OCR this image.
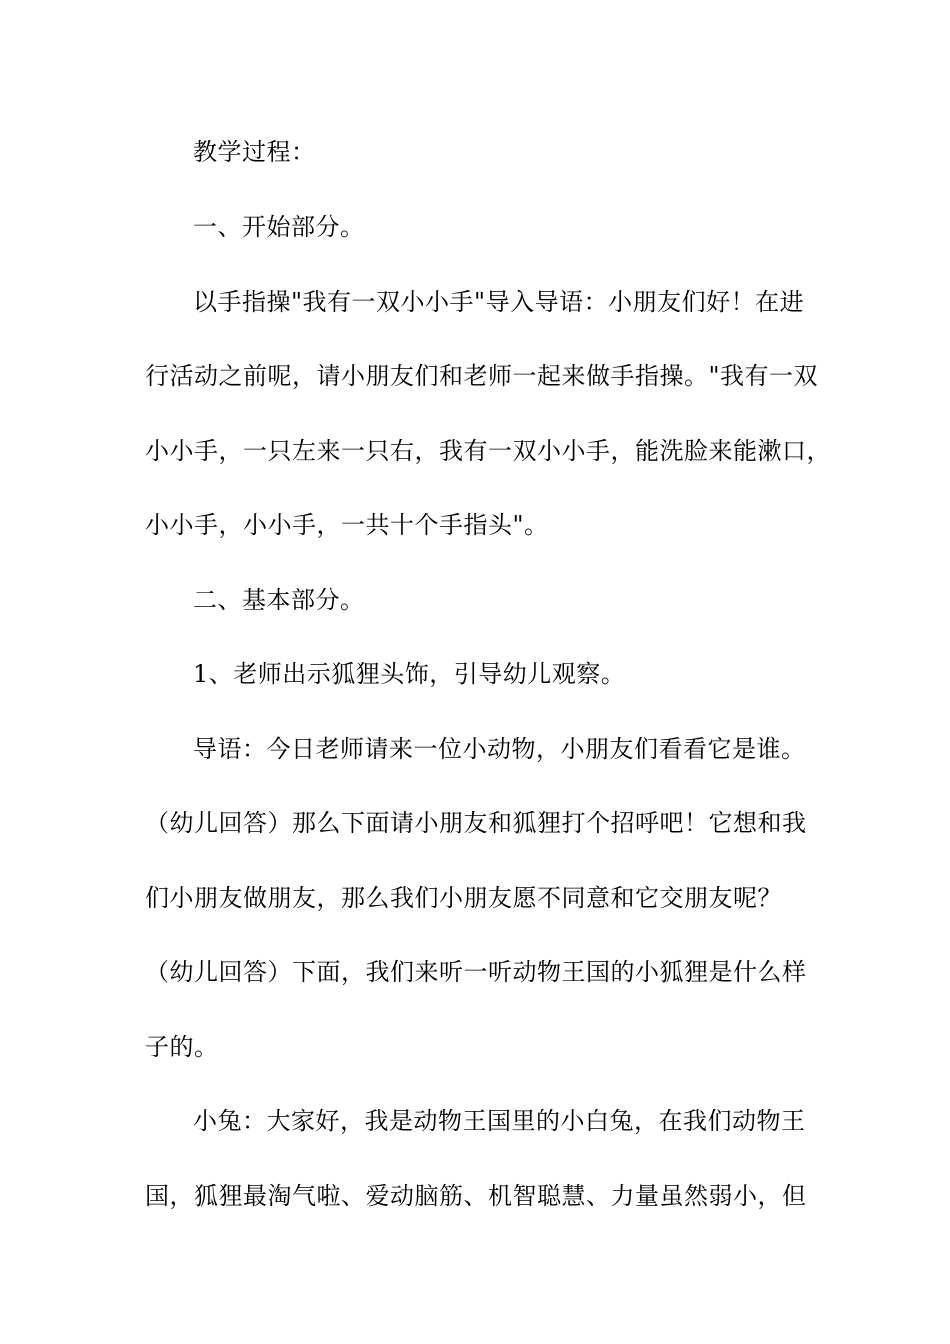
教学过程：
一、开始部分。
以手指操"我有一双小小手"导入导语：小朋友们好！在进
行活动之前呢，请小朋友们和老师一起来做手指操。"我有一双
小小手，一只左来一只右，我有一双小小手，能洗脸来能漱口，
小小手，小小手，一共十个手指头"。
二、基本部分。
1、老师出示狐狸头饰，引导幼儿观察。
导语：今日老师请来一位小动物，小朋友们看看它是谁。
（幼儿回答）那么下面请小朋友和狐狸打个招呼吧！它想和我
们小朋友做朋友，那么我们小朋友愿不同意和它交朋友呢？
（幼儿回答）下面，我们来听一听动物王国的小狐狸是什么样
子的。
小兔：大家好，我是动物王国里的小白兔，在我们动物王
国，狐狸最淘气啦、爱动脑筋、机智聪慧、力量虽然弱小，但
